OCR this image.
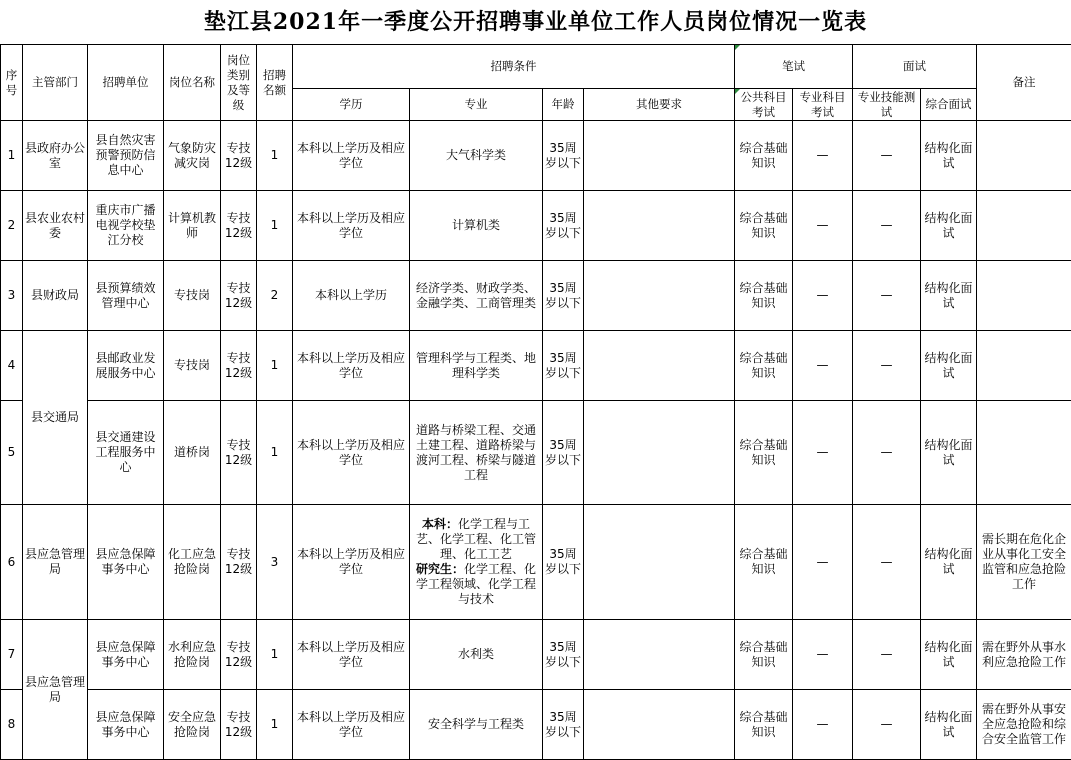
垫江县2021年一季度公开招聘事业单位工作人员岗位情况一览表
序号	主管部门	招聘单位	岗位名称	岗位类别及等级	招聘名额	招聘条件				笔试		面试		备注
						学历	专业	年龄	其他要求	公共科目考试	专业科目考试	专业技能测试	综合面试	
1	县政府办公室	县自然灾害预警预防信息中心	气象防灾减灾岗	专技12级	1	本科以上学历及相应学位	大气科学类	35周岁以下		综合基础知识	—	—	结构化面试	
2	县农业农村委	重庆市广播电视学校垫江分校	计算机教师	专技12级	1	本科以上学历及相应学位	计算机类	35周岁以下		综合基础知识	—	—	结构化面试	
3	县财政局	县预算绩效管理中心	专技岗	专技12级	2	本科以上学历	经济学类、财政学类、金融学类、工商管理类	35周岁以下		综合基础知识	—	—	结构化面试	
4	县交通局	县邮政业发展服务中心	专技岗	专技12级	1	本科以上学历及相应学位	管理科学与工程类、地理科学类	35周岁以下		综合基础知识	—	—	结构化面试	
5		县交通建设工程服务中心	道桥岗	专技12级	1	本科以上学历及相应学位	道路与桥梁工程、交通土建工程、道路桥梁与渡河工程、桥梁与隧道工程	35周岁以下		综合基础知识	—	—	结构化面试	
6	县应急管理局	县应急保障事务中心	化工应急抢险岗	专技12级	3	本科以上学历及相应学位	本科：化学工程与工艺、化学工程、化工管理、化工工艺
研究生：化学工程、化学工程领域、化学工程与技术	35周岁以下		综合基础知识	—	—	结构化面试	需长期在危化企业从事化工安全监管和应急抢险工作
7	县应急管理局	县应急保障事务中心	水利应急抢险岗	专技12级	1	本科以上学历及相应学位	水利类	35周岁以下		综合基础知识	—	—	结构化面试	需在野外从事水利应急抢险工作
8		县应急保障事务中心	安全应急抢险岗	专技12级	1	本科以上学历及相应学位	安全科学与工程类	35周岁以下		综合基础知识	—	—	结构化面试	需在野外从事安全应急抢险和综合安全监管工作
